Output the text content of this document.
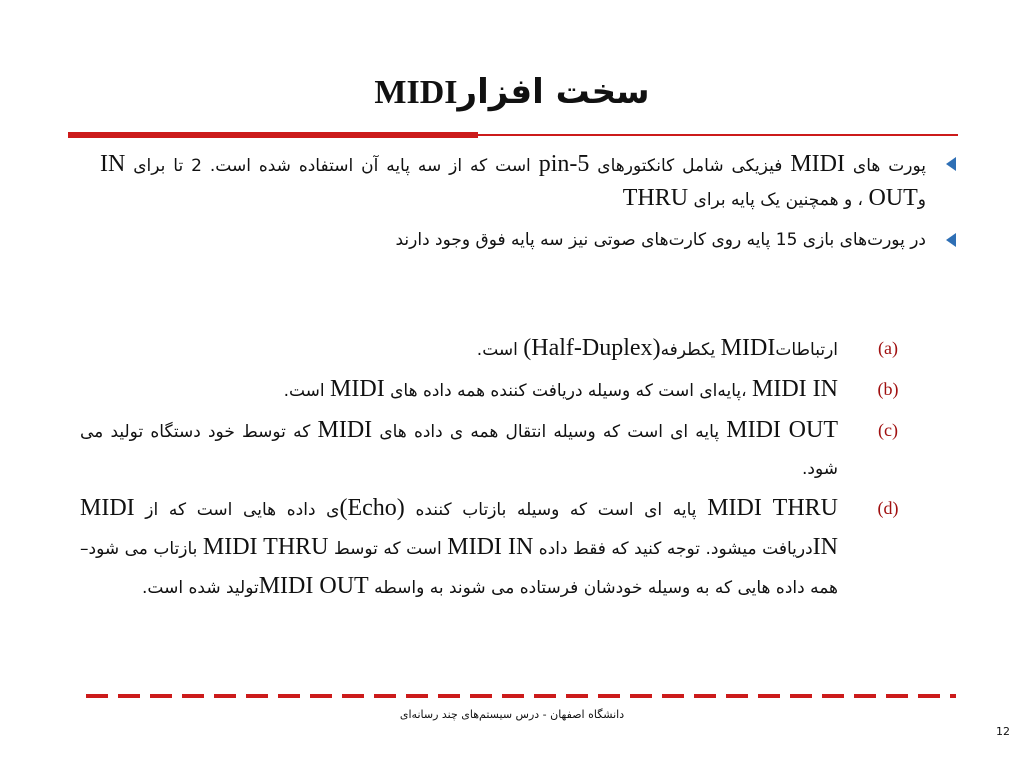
سخت افزارMIDI
پورت های MIDI فیزیکی شامل کانکتورهای 5-pin است که از سه پایه آن استفاده شده است. 2 تا برای IN وOUT ، و همچنین یک پایه برای THRU
در پورت‌های بازی 15 پایه روی کارت‌های صوتی نیز سه پایه فوق وجود دارند
(a)
ارتباطاتMIDI یکطرفه(Half-Duplex) است.
(b)
MIDI IN ،پایه‌ای است که وسیله دریافت کننده همه داده های MIDI است.
(c)
MIDI OUT پایه ای است که وسیله انتقال همه ی داده های MIDI که توسط خود دستگاه تولید می شود.
(d)
MIDI THRU پایه ای است که وسیله بازتاب کننده (Echo)ی داده هایی است که از MIDI INدریافت میشود. توجه کنید که فقط داده MIDI IN است که توسط MIDI THRU بازتاب می شود– همه داده هایی که به وسیله خودشان فرستاده می شوند به واسطه MIDI OUTتولید شده است.
دانشگاه اصفهان - درس سیستم‌های چند رسانه‌ای
12
